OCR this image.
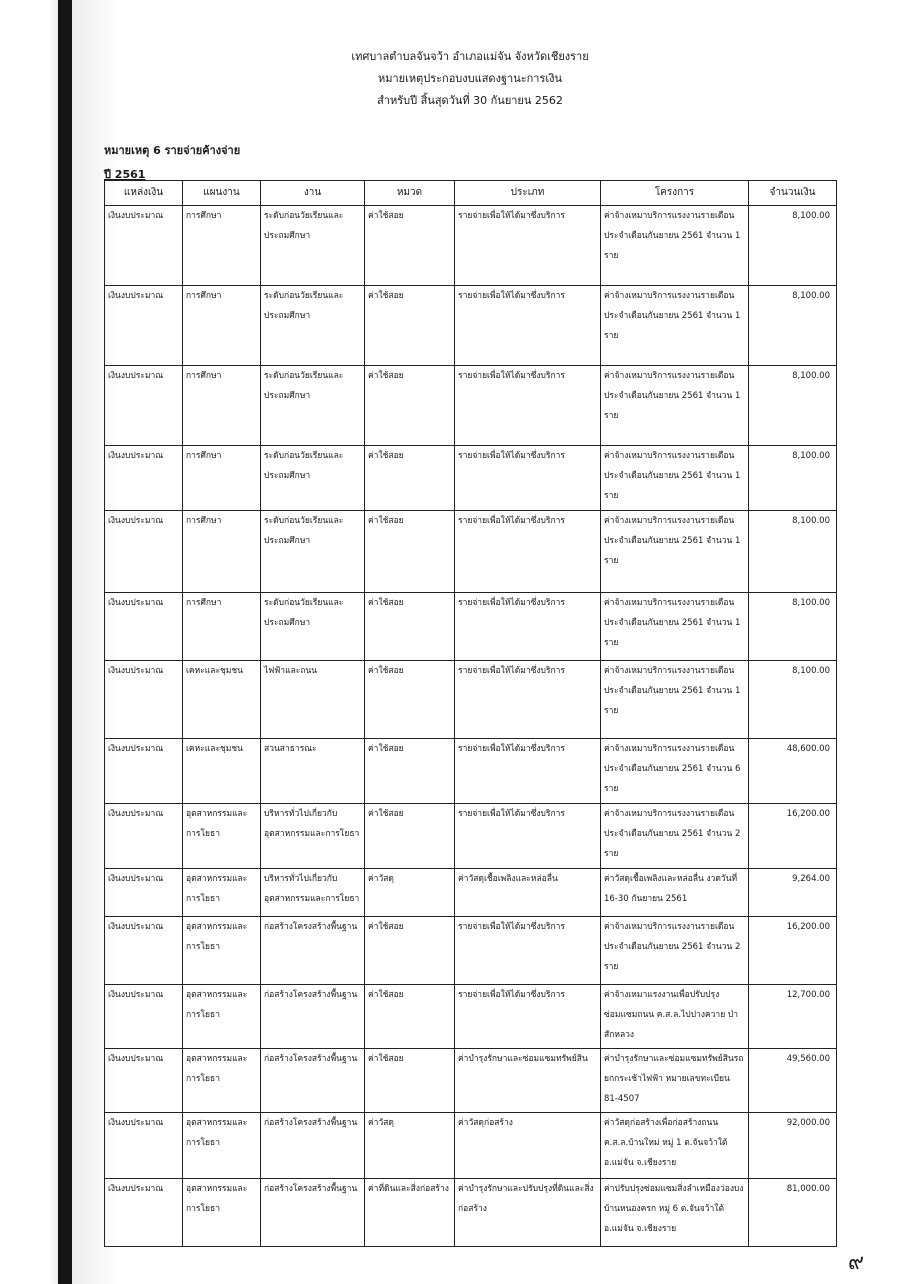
เทศบาลตำบลจันจว้า อำเภอแม่จัน จังหวัดเชียงราย
หมายเหตุประกอบงบแสดงฐานะการเงิน
สำหรับปี สิ้นสุดวันที่ 30 กันยายน 2562
หมายเหตุ 6 รายจ่ายค้างจ่าย
ปี 2561
แหล่งเงิน	แผนงาน	งาน	หมวด	ประเภท	โครงการ	จำนวนเงิน
เงินงบประมาณ	การศึกษา	ระดับก่อนวัยเรียนและประถมศึกษา	ค่าใช้สอย	รายจ่ายเพื่อให้ได้มาซึ่งบริการ	ค่าจ้างเหมาบริการแรงงานรายเดือน ประจำเดือนกันยายน 2561 จำนวน 1 ราย	8,100.00
เงินงบประมาณ	การศึกษา	ระดับก่อนวัยเรียนและประถมศึกษา	ค่าใช้สอย	รายจ่ายเพื่อให้ได้มาซึ่งบริการ	ค่าจ้างเหมาบริการแรงงานรายเดือน ประจำเดือนกันยายน 2561 จำนวน 1 ราย	8,100.00
เงินงบประมาณ	การศึกษา	ระดับก่อนวัยเรียนและประถมศึกษา	ค่าใช้สอย	รายจ่ายเพื่อให้ได้มาซึ่งบริการ	ค่าจ้างเหมาบริการแรงงานรายเดือน ประจำเดือนกันยายน 2561 จำนวน 1 ราย	8,100.00
เงินงบประมาณ	การศึกษา	ระดับก่อนวัยเรียนและประถมศึกษา	ค่าใช้สอย	รายจ่ายเพื่อให้ได้มาซึ่งบริการ	ค่าจ้างเหมาบริการแรงงานรายเดือน ประจำเดือนกันยายน 2561 จำนวน 1 ราย	8,100.00
เงินงบประมาณ	การศึกษา	ระดับก่อนวัยเรียนและประถมศึกษา	ค่าใช้สอย	รายจ่ายเพื่อให้ได้มาซึ่งบริการ	ค่าจ้างเหมาบริการแรงงานรายเดือน ประจำเดือนกันยายน 2561 จำนวน 1 ราย	8,100.00
เงินงบประมาณ	การศึกษา	ระดับก่อนวัยเรียนและประถมศึกษา	ค่าใช้สอย	รายจ่ายเพื่อให้ได้มาซึ่งบริการ	ค่าจ้างเหมาบริการแรงงานรายเดือน ประจำเดือนกันยายน 2561 จำนวน 1 ราย	8,100.00
เงินงบประมาณ	เคหะและชุมชน	ไฟฟ้าและถนน	ค่าใช้สอย	รายจ่ายเพื่อให้ได้มาซึ่งบริการ	ค่าจ้างเหมาบริการแรงงานรายเดือน ประจำเดือนกันยายน 2561 จำนวน 1 ราย	8,100.00
เงินงบประมาณ	เคหะและชุมชน	สวนสาธารณะ	ค่าใช้สอย	รายจ่ายเพื่อให้ได้มาซึ่งบริการ	ค่าจ้างเหมาบริการแรงงานรายเดือน ประจำเดือนกันยายน 2561 จำนวน 6 ราย	48,600.00
เงินงบประมาณ	อุตสาหกรรมและการโยธา	บริหารทั่วไปเกี่ยวกับอุตสาหกรรมและการโยธา	ค่าใช้สอย	รายจ่ายเพื่อให้ได้มาซึ่งบริการ	ค่าจ้างเหมาบริการแรงงานรายเดือน ประจำเดือนกันยายน 2561 จำนวน 2 ราย	16,200.00
เงินงบประมาณ	อุตสาหกรรมและการโยธา	บริหารทั่วไปเกี่ยวกับอุตสาหกรรมและการโยธา	ค่าวัสดุ	ค่าวัสดุเชื้อเพลิงและหล่อลื่น	ค่าวัสดุเชื้อเพลิงและหล่อลื่น งวดวันที่ 16-30 กันยายน 2561	9,264.00
เงินงบประมาณ	อุตสาหกรรมและการโยธา	ก่อสร้างโครงสร้างพื้นฐาน	ค่าใช้สอย	รายจ่ายเพื่อให้ได้มาซึ่งบริการ	ค่าจ้างเหมาบริการแรงงานรายเดือน ประจำเดือนกันยายน 2561 จำนวน 2 ราย	16,200.00
เงินงบประมาณ	อุตสาหกรรมและการโยธา	ก่อสร้างโครงสร้างพื้นฐาน	ค่าใช้สอย	รายจ่ายเพื่อให้ได้มาซึ่งบริการ	ค่าจ้างเหมาแรงงานเพื่อปรับปรุงซ่อมแซมถนน ค.ส.ล.ไปปางควาย ป่าสักหลวง	12,700.00
เงินงบประมาณ	อุตสาหกรรมและการโยธา	ก่อสร้างโครงสร้างพื้นฐาน	ค่าใช้สอย	ค่าบำรุงรักษาและซ่อมแซมทรัพย์สิน	ค่าบำรุงรักษาและซ่อมแซมทรัพย์สินรถยกกระเช้าไฟฟ้า หมายเลขทะเบียน 81-4507	49,560.00
เงินงบประมาณ	อุตสาหกรรมและการโยธา	ก่อสร้างโครงสร้างพื้นฐาน	ค่าวัสดุ	ค่าวัสดุก่อสร้าง	ค่าวัสดุก่อสร้างเพื่อก่อสร้างถนน ค.ส.ล.บ้านใหม่ หมู่ 1 ต.จันจว้าใต้ อ.แม่จัน จ.เชียงราย	92,000.00
เงินงบประมาณ	อุตสาหกรรมและการโยธา	ก่อสร้างโครงสร้างพื้นฐาน	ค่าที่ดินและสิ่งก่อสร้าง	ค่าบำรุงรักษาและปรับปรุงที่ดินและสิ่งก่อสร้าง	ค่าปรับปรุงซ่อมแซมสิ่งลำเหมืองว่องบง บ้านหนองครก หมู่ 6 ต.จันจว้าใต้ อ.แม่จัน จ.เชียงราย	81,000.00
๙
